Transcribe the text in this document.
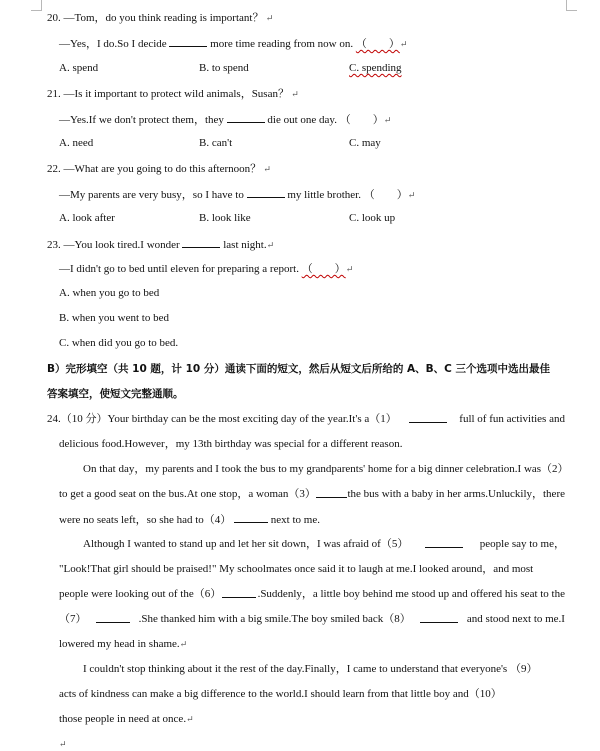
20. —Tom，do you think reading is important？ ↵
—Yes，I do.So I decide	more time reading from now on. （　　）↵
A. spend	B. to spend	C. spending
21. —Is it important to protect wild animals，Susan？ ↵
—Yes.If we don't protect them，they	die out one day. （　　）↵
A. need	B. can't	C. may
22. —What are you going to do this afternoon？ ↵
—My parents are very busy，so I have to	my little brother. （　　）↵
A. look after	B. look like	C. look up
23. —You look tired.I wonder	last night.↵
—I didn't go to bed until eleven for preparing a report. （　　）↵
A. when you go to bed
B. when you went to bed
C. when did you go to bed.
B）完形填空（共 10 题，计 10 分）通读下面的短文，然后从短文后所给的 A、B、C 三个选项中选出最佳
答案填空，使短文完整通顺。
24.（10 分）Your birthday can be the most exciting day of the year.It's a（1）	full of fun activities and
delicious food.However，my 13th birthday was special for a different reason.
On that day，my parents and I took the bus to my grandparents' home for a big dinner celebration.I was（2）
to get a good seat on the bus.At one stop，a woman（3）	the bus with a baby in her arms.Unluckily，there
were no seats left，so she had to（4）	next to me.
Although I wanted to stand up and let her sit down，I was afraid of（5）	people say to me，
"Look!That girl should be praised!" My schoolmates once said it to laugh at me.I looked around，and most
people were looking out of the（6）	.Suddenly，a little boy behind me stood up and offered his seat to the
（7）	.She thanked him with a big smile.The boy smiled back（8）	and stood next to me.I
lowered my head in shame.↵
I couldn't stop thinking about it the rest of the day.Finally，I came to understand that everyone's （9）
acts of kindness can make a big difference to the world.I should learn from that little boy and（10）
those people in need at once.↵
↵
